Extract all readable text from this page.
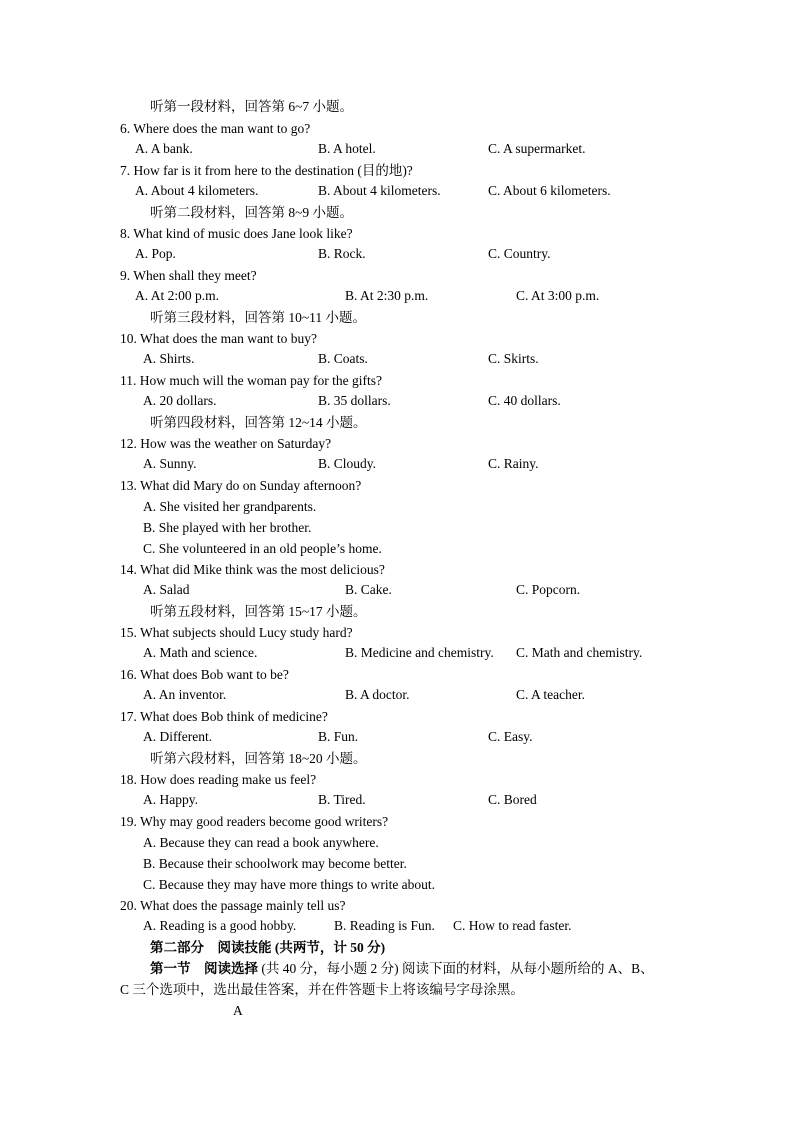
听第一段材料，回答第 6~7 小题。
6. Where does the man want to go?
A. A bank.	B. A hotel.	C. A supermarket.
7. How far is it from here to the destination (目的地)?
A. About 4 kilometers.	B. About 4 kilometers.	C. About 6 kilometers.
听第二段材料，回答第 8~9 小题。
8. What kind of music does Jane look like?
A. Pop.	B. Rock.	C. Country.
9. When shall they meet?
A. At 2:00 p.m.	B. At 2:30 p.m.	C. At 3:00 p.m.
听第三段材料，回答第 10~11 小题。
10. What does the man want to buy?
A. Shirts.	B. Coats.	C. Skirts.
11. How much will the woman pay for the gifts?
A. 20 dollars.	B. 35 dollars.	C. 40 dollars.
听第四段材料，回答第 12~14 小题。
12. How was the weather on Saturday?
A. Sunny.	B. Cloudy.	C. Rainy.
13. What did Mary do on Sunday afternoon?
A. She visited her grandparents.
B. She played with her brother.
C. She volunteered in an old people’s home.
14. What did Mike think was the most delicious?
A. Salad	B. Cake.	C. Popcorn.
听第五段材料，回答第 15~17 小题。
15. What subjects should Lucy study hard?
A. Math and science.	B. Medicine and chemistry. C. Math and chemistry.
16. What does Bob want to be?
A. An inventor.	B. A doctor.	C. A teacher.
17. What does Bob think of medicine?
A. Different.	B. Fun.	C. Easy.
听第六段材料，回答第 18~20 小题。
18. How does reading make us feel?
A. Happy.	B. Tired.	C. Bored
19. Why may good readers become good writers?
A. Because they can read a book anywhere.
B. Because their schoolwork may become better.
C. Because they may have more things to write about.
20. What does the passage mainly tell us?
A. Reading is a good hobby.	B. Reading is Fun. C. How to read faster.
第二部分　阅读技能 (共两节，计 50 分)
第一节　阅读选择 (共 40 分，每小题 2 分) 阅读下面的材料，从每小题所给的 A、B、
C 三个选项中，选出最佳答案，并在件答题卡上将该编号字母涂黑。
A
